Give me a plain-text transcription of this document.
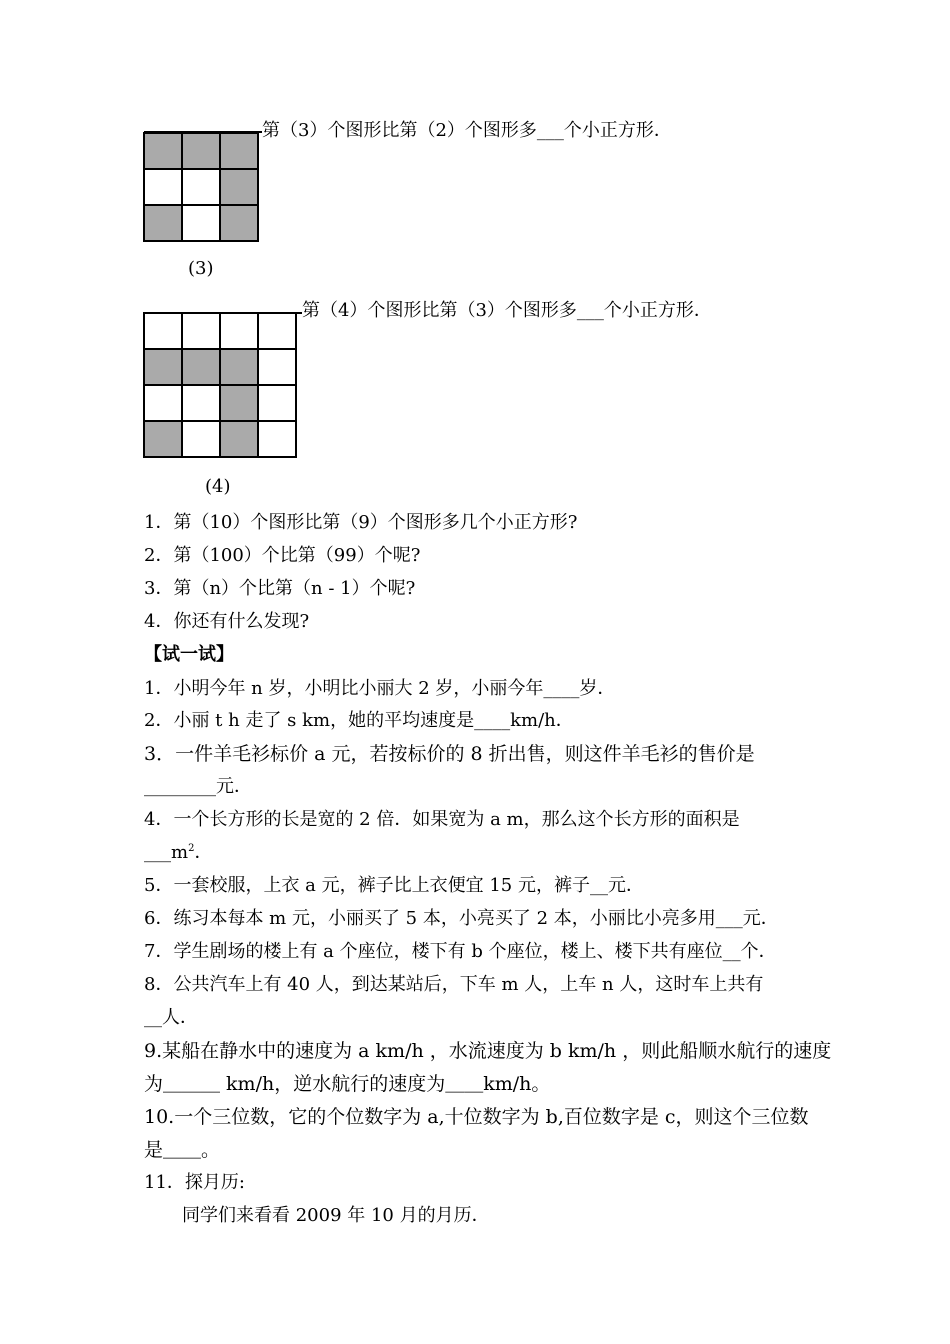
第（3）个图形比第（2）个图形多___个小正方形．

(3)
第（4）个图形比第（3）个图形多___个小正方形．

(4)
1．第（10）个图形比第（9）个图形多几个小正方形?
2．第（100）个比第（99）个呢?
3．第（n）个比第（n - 1）个呢?
4．你还有什么发现?
【试一试】
1．小明今年 n 岁，小明比小丽大 2 岁，小丽今年____岁．
2．小丽 t h 走了 s km，她的平均速度是____km/h．
3．一件羊毛衫标价 a 元，若按标价的 8 折出售，则这件羊毛衫的售价是
________元．
4．一个长方形的长是宽的 2 倍．如果宽为 a m，那么这个长方形的面积是
$\_\_\_m^2$．
5．一套校服，上衣 a 元，裤子比上衣便宜 15 元，裤子__元．
6．练习本每本 m 元，小丽买了 5 本，小亮买了 2 本，小丽比小亮多用___元．
7．学生剧场的楼上有 a 个座位，楼下有 b 个座位，楼上、楼下共有座位__个．
8．公共汽车上有 40 人，到达某站后，下车 m 人，上车 n 人，这时车上共有
__人．
9.某船在静水中的速度为 a km/h ，水流速度为 b km/h ，则此船顺水航行的速度
为＿＿＿ km/h，逆水航行的速度为＿＿km/h。
10.一个三位数，它的个位数字为 a,十位数字为 b,百位数字是 c，则这个三位数
是＿＿。
11．探月历:
同学们来看看 2009 年 10 月的月历．
